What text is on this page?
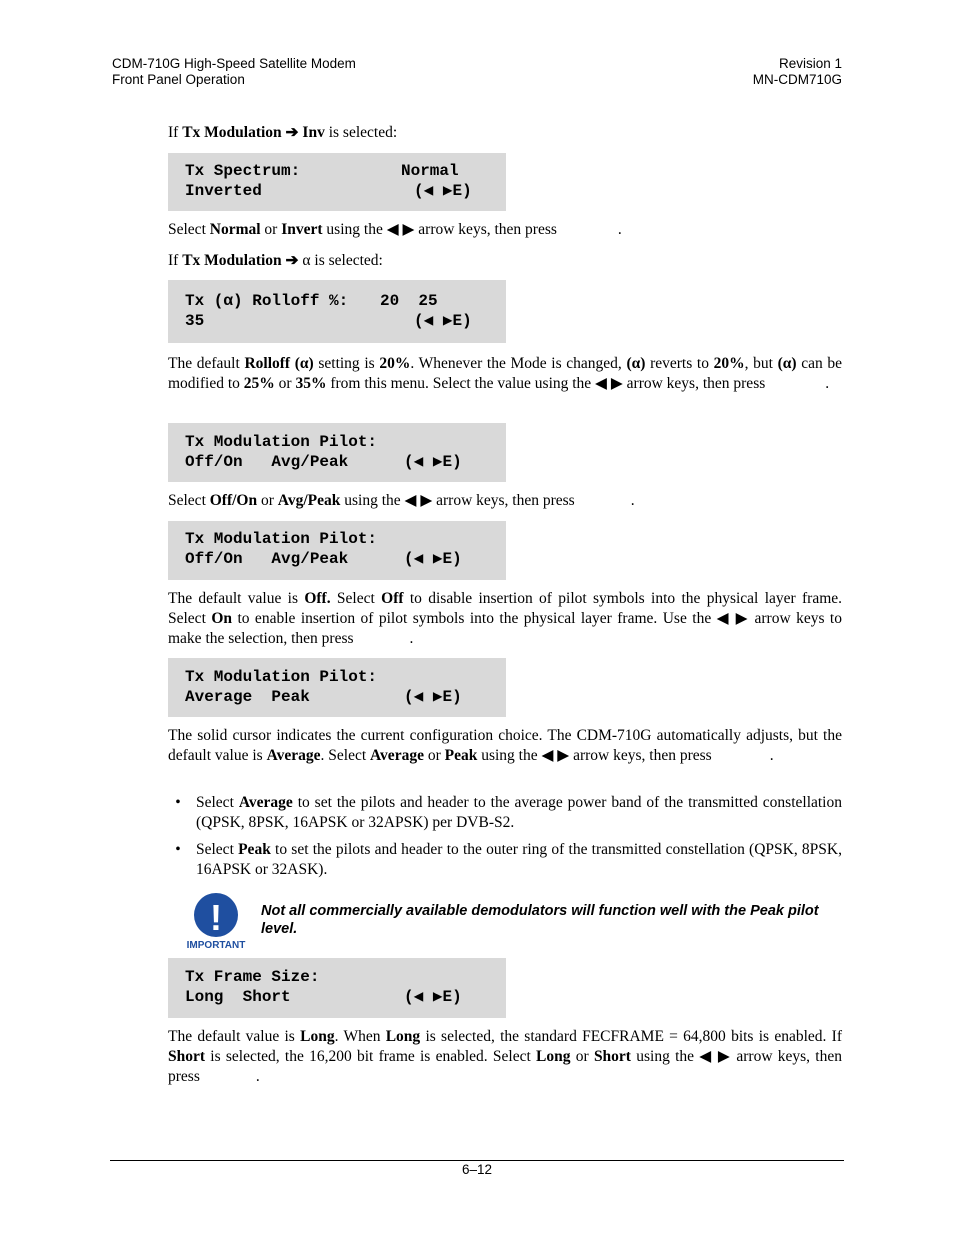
CDM-710G High-Speed Satellite Modem
Front Panel Operation
Revision 1
MN-CDM710G

If Tx Modulation ➔ Inv is selected:

Tx Spectrum:	Normal
Inverted	(◀ ▶E)

Select Normal or Invert using the ◀ ▶ arrow keys, then press	.

If Tx Modulation ➔ α is selected:

Tx (α) Rolloff %: 20  25
35	(◀ ▶E)

The default Rolloff (α) setting is 20%. Whenever the Mode is changed, (α) reverts to 20%, but (α) can be modified to 25% or 35% from this menu. Select the value using the ◀ ▶ arrow keys, then press	.

Tx Modulation Pilot:
Off/On   Avg/Peak	(◀ ▶E)

Select Off/On or Avg/Peak using the ◀ ▶ arrow keys, then press	.

Tx Modulation Pilot:
Off/On   Avg/Peak	(◀ ▶E)

The default value is Off. Select Off to disable insertion of pilot symbols into the physical layer frame. Select On to enable insertion of pilot symbols into the physical layer frame. Use the ◀ ▶ arrow keys to make the selection, then press	.

Tx Modulation Pilot:
Average  Peak	(◀ ▶E)

The solid cursor indicates the current configuration choice. The CDM-710G automatically adjusts, but the default value is Average. Select Average or Peak using the ◀ ▶ arrow keys, then press	.

• Select Average to set the pilots and header to the average power band of the transmitted constellation (QPSK, 8PSK, 16APSK or 32APSK) per DVB-S2.
• Select Peak to set the pilots and header to the outer ring of the transmitted constellation (QPSK, 8PSK, 16APSK or 32ASK).
!
IMPORTANT
Not all commercially available demodulators will function well with the Peak pilot level.
Tx Frame Size:
Long  Short	(◀ ▶E)

The default value is Long. When Long is selected, the standard FECFRAME = 64,800 bits is enabled. If Short is selected, the 16,200 bit frame is enabled. Select Long or Short using the ◀ ▶ arrow keys, then press	.

6–12
